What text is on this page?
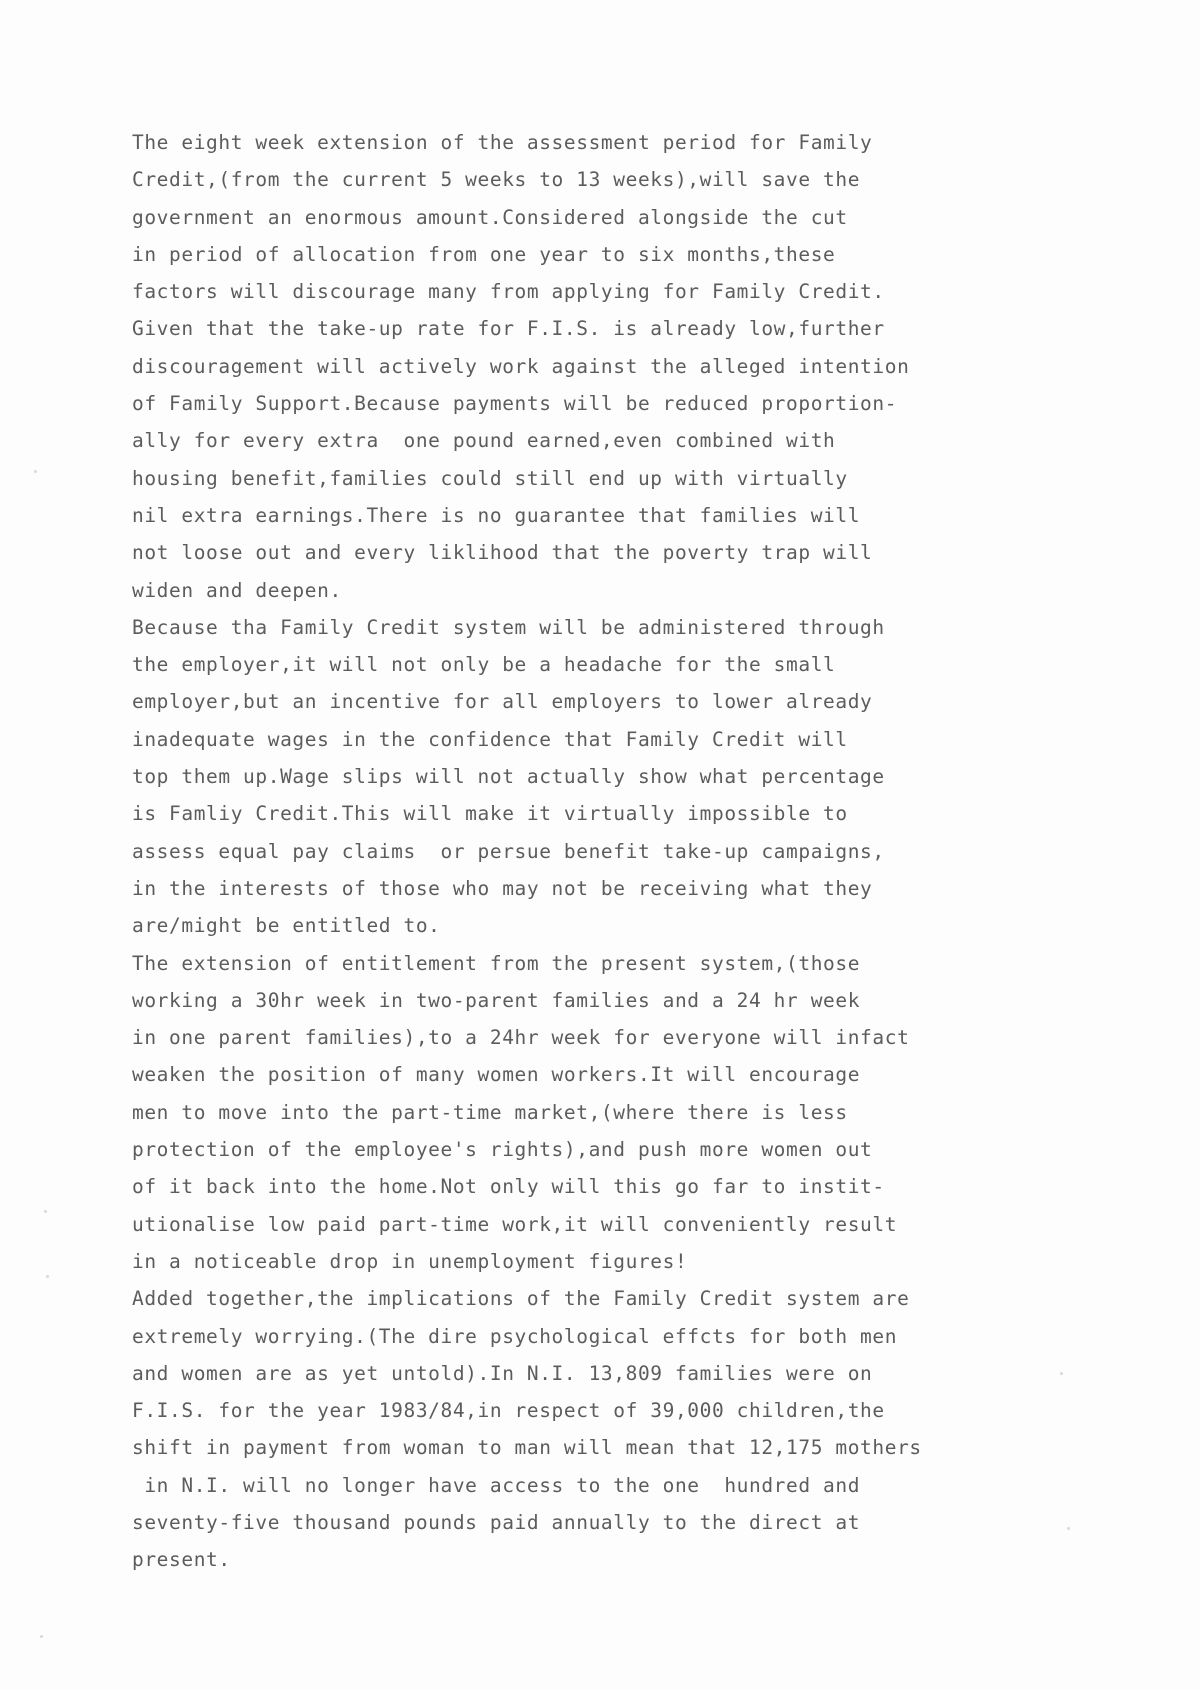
The eight week extension of the assessment period for Family
Credit,(from the current 5 weeks to 13 weeks),will save the
government an enormous amount.Considered alongside the cut
in period of allocation from one year to six months,these
factors will discourage many from applying for Family Credit.
Given that the take-up rate for F.I.S. is already low,further
discouragement will actively work against the alleged intention
of Family Support.Because payments will be reduced proportion-
ally for every extra  one pound earned,even combined with
housing benefit,families could still end up with virtually
nil extra earnings.There is no guarantee that families will
not loose out and every liklihood that the poverty trap will
widen and deepen.
Because tha Family Credit system will be administered through
the employer,it will not only be a headache for the small
employer,but an incentive for all employers to lower already
inadequate wages in the confidence that Family Credit will
top them up.Wage slips will not actually show what percentage
is Famliy Credit.This will make it virtually impossible to
assess equal pay claims  or persue benefit take-up campaigns,
in the interests of those who may not be receiving what they
are/might be entitled to.
The extension of entitlement from the present system,(those
working a 30hr week in two-parent families and a 24 hr week
in one parent families),to a 24hr week for everyone will infact
weaken the position of many women workers.It will encourage
men to move into the part-time market,(where there is less
protection of the employee's rights),and push more women out
of it back into the home.Not only will this go far to instit-
utionalise low paid part-time work,it will conveniently result
in a noticeable drop in unemployment figures!
Added together,the implications of the Family Credit system are
extremely worrying.(The dire psychological effcts for both men
and women are as yet untold).In N.I. 13,809 families were on
F.I.S. for the year 1983/84,in respect of 39,000 children,the
shift in payment from woman to man will mean that 12,175 mothers
in N.I. will no longer have access to the one  hundred and
seventy-five thousand pounds paid annually to the direct at
present.
